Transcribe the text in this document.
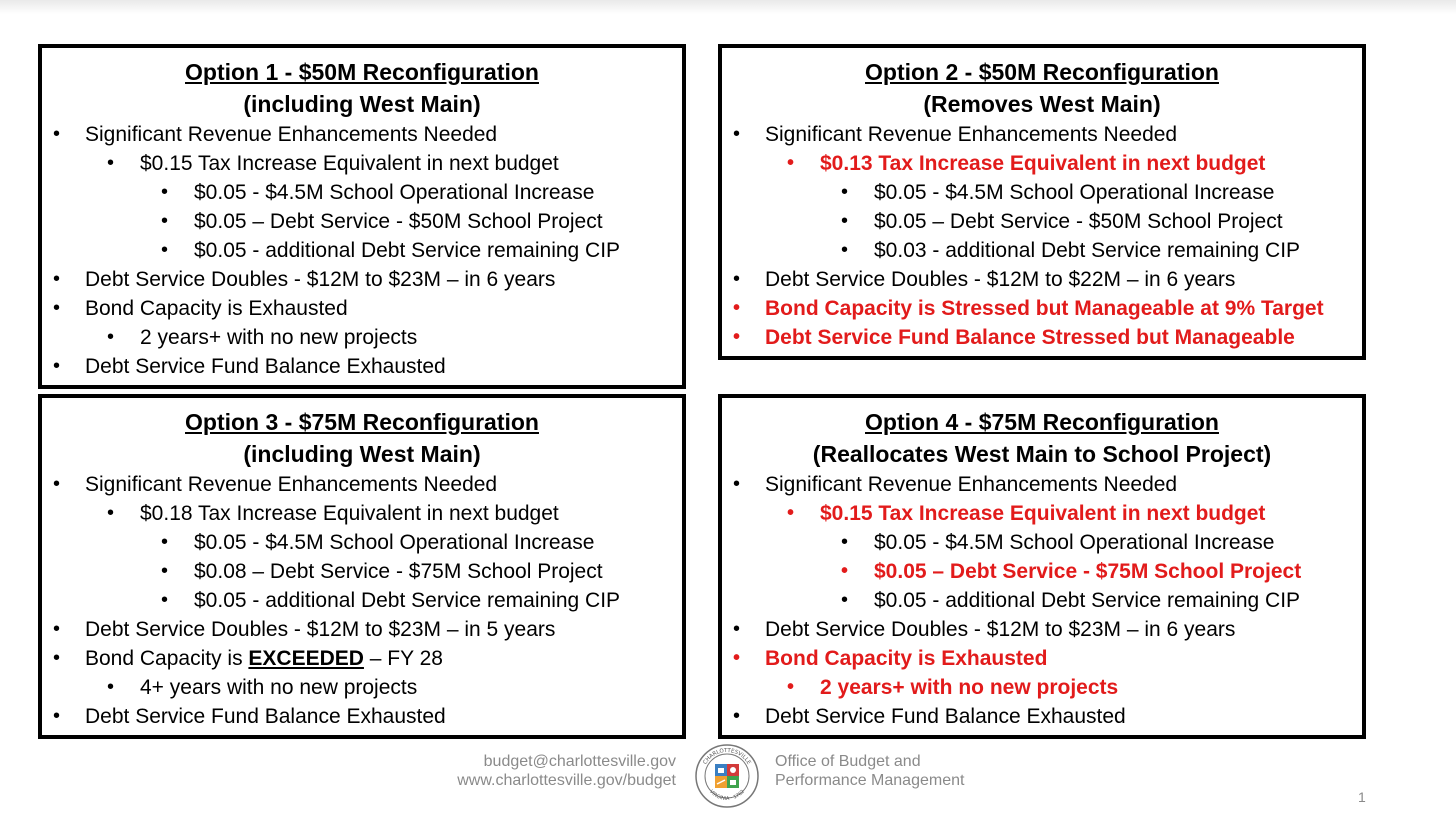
Option 1 - $50M Reconfiguration
(including West Main)
• Significant Revenue Enhancements Needed
• $0.15 Tax Increase Equivalent in next budget
• $0.05 - $4.5M School Operational Increase
• $0.05 – Debt Service - $50M School Project
• $0.05 - additional Debt Service remaining CIP
• Debt Service Doubles - $12M to $23M – in 6 years
• Bond Capacity is Exhausted
• 2 years+ with no new projects
• Debt Service Fund Balance Exhausted
Option 2 - $50M Reconfiguration
(Removes West Main)
• Significant Revenue Enhancements Needed
• $0.13 Tax Increase Equivalent in next budget
• $0.05 - $4.5M School Operational Increase
• $0.05 – Debt Service - $50M School Project
• $0.03 - additional Debt Service remaining CIP
• Debt Service Doubles - $12M to $22M – in 6 years
• Bond Capacity is Stressed but Manageable at 9% Target
• Debt Service Fund Balance Stressed but Manageable
Option 3 - $75M Reconfiguration
(including West Main)
• Significant Revenue Enhancements Needed
• $0.18 Tax Increase Equivalent in next budget
• $0.05 - $4.5M School Operational Increase
• $0.08 – Debt Service - $75M School Project
• $0.05 - additional Debt Service remaining CIP
• Debt Service Doubles - $12M to $23M – in 5 years
• Bond Capacity is EXCEEDED – FY 28
• 4+ years with no new projects
• Debt Service Fund Balance Exhausted
Option 4 - $75M Reconfiguration
(Reallocates West Main to School Project)
• Significant Revenue Enhancements Needed
• $0.15 Tax Increase Equivalent in next budget
• $0.05 - $4.5M School Operational Increase
• $0.05 – Debt Service - $75M School Project
• $0.05 - additional Debt Service remaining CIP
• Debt Service Doubles - $12M to $23M – in 6 years
• Bond Capacity is Exhausted
• 2 years+ with no new projects
• Debt Service Fund Balance Exhausted
budget@charlottesville.gov
www.charlottesville.gov/budget
CHARLOTTESVILLE
VIRGINIA · 1762
Office of Budget and
Performance Management
1
